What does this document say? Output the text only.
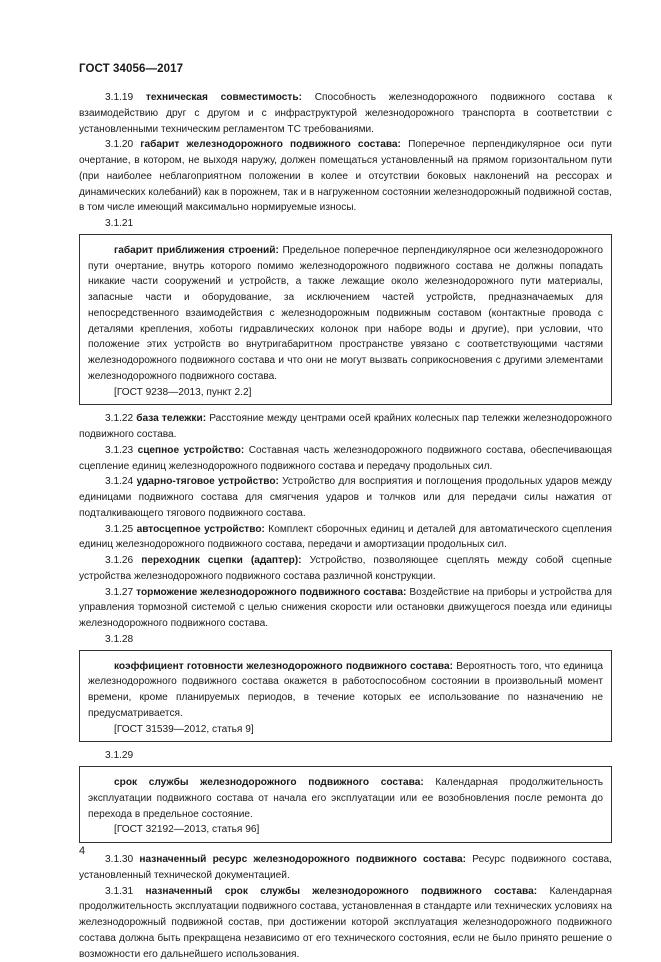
ГОСТ 34056—2017

3.1.19 техническая совместимость: Способность железнодорожного подвижного состава к взаимодействию друг с другом и с инфраструктурой железнодорожного транспорта в соответствии с установленными техническим регламентом ТС требованиями.

3.1.20 габарит железнодорожного подвижного состава: Поперечное перпендикулярное оси пути очертание, в котором, не выходя наружу, должен помещаться установленный на прямом горизонтальном пути (при наиболее неблагоприятном положении в колее и отсутствии боковых наклонений на рессорах и динамических колебаний) как в порожнем, так и в нагруженном состоянии железнодорожный подвижной состав, в том числе имеющий максимально нормируемые износы.

3.1.21

габарит приближения строений: Предельное поперечное перпендикулярное оси железнодорожного пути очертание, внутрь которого помимо железнодорожного подвижного состава не должны попадать никакие части сооружений и устройств, а также лежащие около железнодорожного пути материалы, запасные части и оборудование, за исключением частей устройств, предназначаемых для непосредственного взаимодействия с железнодорожным подвижным составом (контактные провода с деталями крепления, хоботы гидравлических колонок при наборе воды и другие), при условии, что положение этих устройств во внутригабаритном пространстве увязано с соответствующими частями железнодорожного подвижного состава и что они не могут вызвать соприкосновения с другими элементами железнодорожного подвижного состава.

[ГОСТ 9238—2013, пункт 2.2]

3.1.22 база тележки: Расстояние между центрами осей крайних колесных пар тележки железнодорожного подвижного состава.

3.1.23 сцепное устройство: Составная часть железнодорожного подвижного состава, обеспечивающая сцепление единиц железнодорожного подвижного состава и передачу продольных сил.

3.1.24 ударно-тяговое устройство: Устройство для восприятия и поглощения продольных ударов между единицами подвижного состава для смягчения ударов и толчков или для передачи силы нажатия от подталкивающего тягового подвижного состава.

3.1.25 автосцепное устройство: Комплект сборочных единиц и деталей для автоматического сцепления единиц железнодорожного подвижного состава, передачи и амортизации продольных сил.

3.1.26 переходник сцепки (адаптер): Устройство, позволяющее сцеплять между собой сцепные устройства железнодорожного подвижного состава различной конструкции.

3.1.27 торможение железнодорожного подвижного состава: Воздействие на приборы и устройства для управления тормозной системой с целью снижения скорости или остановки движущегося поезда или единицы железнодорожного подвижного состава.

3.1.28

коэффициент готовности железнодорожного подвижного состава: Вероятность того, что единица железнодорожного подвижного состава окажется в работоспособном состоянии в произвольный момент времени, кроме планируемых периодов, в течение которых ее использование по назначению не предусматривается.

[ГОСТ 31539—2012, статья 9]

3.1.29

срок службы железнодорожного подвижного состава: Календарная продолжительность эксплуатации подвижного состава от начала его эксплуатации или ее возобновления после ремонта до перехода в предельное состояние.

[ГОСТ 32192—2013, статья 96]

3.1.30 назначенный ресурс железнодорожного подвижного состава: Ресурс подвижного состава, установленный технической документацией.

3.1.31 назначенный срок службы железнодорожного подвижного состава: Календарная продолжительность эксплуатации подвижного состава, установленная в стандарте или технических условиях на железнодорожный подвижной состав, при достижении которой эксплуатация железнодорожного подвижного состава должна быть прекращена независимо от его технического состояния, если не было принято решение о возможности его дальнейшего использования.

4
